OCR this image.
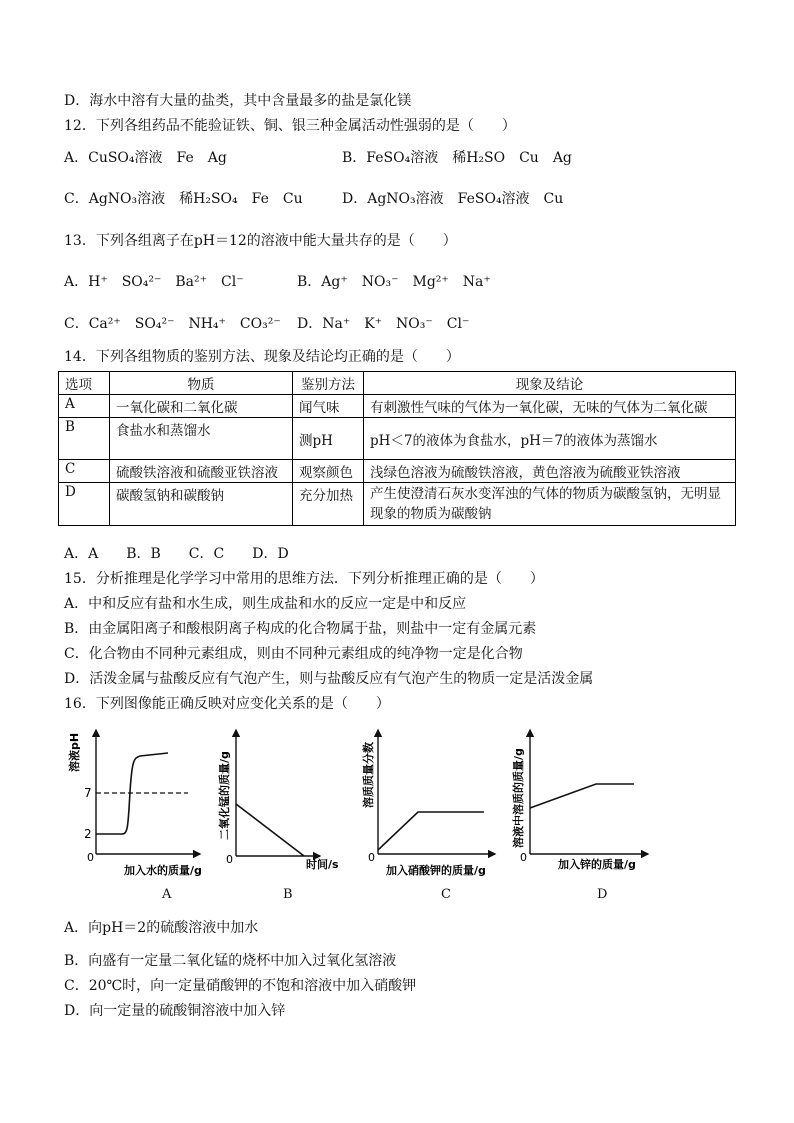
D．海水中溶有大量的盐类，其中含量最多的盐是氯化镁
12．下列各组药品不能验证铁、铜、银三种金属活动性强弱的是（　　）
A．CuSO₄溶液　Fe　Ag	B．FeSO₄溶液　稀H₂SO　Cu　Ag
C．AgNO₃溶液　稀H₂SO₄　Fe　Cu	D．AgNO₃溶液　FeSO₄溶液　Cu
13．下列各组离子在pH＝12的溶液中能大量共存的是（　　）
A．H⁺　SO₄²⁻　Ba²⁺　Cl⁻	B．Ag⁺　NO₃⁻　Mg²⁺　Na⁺
C．Ca²⁺　SO₄²⁻　NH₄⁺　CO₃²⁻ D．Na⁺　K⁺　NO₃⁻　Cl⁻
14．下列各组物质的鉴别方法、现象及结论均正确的是（　　）
选项	物质	鉴别方法	现象及结论
A	一氧化碳和二氧化碳	闻气味	有刺激性气味的气体为一氧化碳，无味的气体为二氧化碳
B	食盐水和蒸馏水	测pH	pH＜7的液体为食盐水，pH＝7的液体为蒸馏水
C	硫酸铁溶液和硫酸亚铁溶液	观察颜色	浅绿色溶液为硫酸铁溶液，黄色溶液为硫酸亚铁溶液
D	碳酸氢钠和碳酸钠	充分加热	产生使澄清石灰水变浑浊的气体的物质为碳酸氢钠，无明显现象的物质为碳酸钠
A．A　　B．B　　C．C　　D．D
15．分析推理是化学学习中常用的思维方法．下列分析推理正确的是（　　）
A．中和反应有盐和水生成，则生成盐和水的反应一定是中和反应
B．由金属阳离子和酸根阴离子构成的化合物属于盐，则盐中一定有金属元素
C．化合物由不同种元素组成，则由不同种元素组成的纯净物一定是化合物
D．活泼金属与盐酸反应有气泡产生，则与盐酸反应有气泡产生的物质一定是活泼金属
16．下列图像能正确反映对应变化关系的是（　　）
7
2
0
溶液pH
加入水的质量/g
0
二氧化锰的质量/g
时间/s
0
溶质质量分数
加入硝酸钾的质量/g
0
溶液中溶质的质量/g
加入锌的质量/g
A	B	C	D
A．向pH＝2的硫酸溶液中加水
B．向盛有一定量二氧化锰的烧杯中加入过氧化氢溶液
C．20℃时，向一定量硝酸钾的不饱和溶液中加入硝酸钾
D．向一定量的硫酸铜溶液中加入锌
